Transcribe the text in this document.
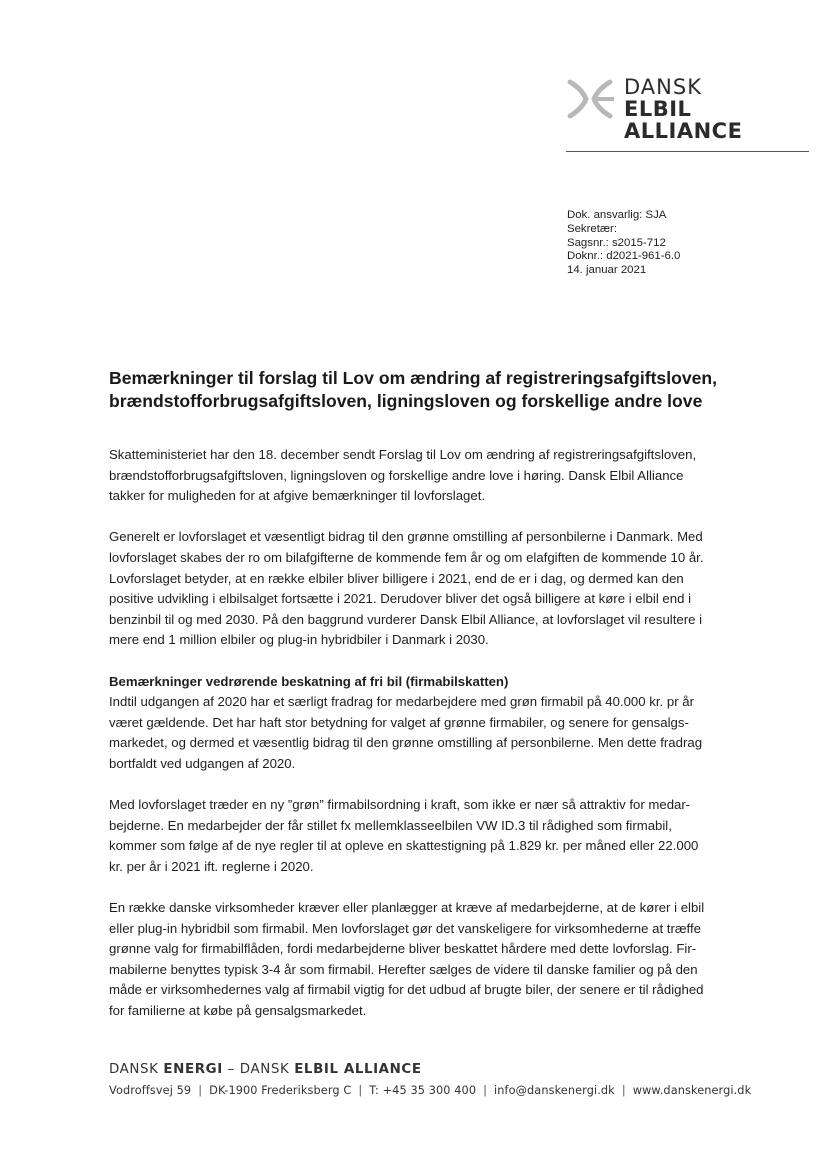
DANSK
ELBIL ALLIANCE
Dok. ansvarlig: SJA
Sekretær:
Sagsnr.: s2015-712
Doknr.: d2021-961-6.0
14. januar 2021
Bemærkninger til forslag til Lov om ændring af registreringsafgiftsloven,
brændstofforbrugsafgiftsloven, ligningsloven og forskellige andre love

Skatteministeriet har den 18. december sendt Forslag til Lov om ændring af registreringsafgiftsloven,
brændstofforbrugsafgiftsloven, ligningsloven og forskellige andre love i høring. Dansk Elbil Alliance
takker for muligheden for at afgive bemærkninger til lovforslaget.

Generelt er lovforslaget et væsentligt bidrag til den grønne omstilling af personbilerne i Danmark. Med
lovforslaget skabes der ro om bilafgifterne de kommende fem år og om elafgiften de kommende 10 år.
Lovforslaget betyder, at en række elbiler bliver billigere i 2021, end de er i dag, og dermed kan den
positive udvikling i elbilsalget fortsætte i 2021. Derudover bliver det også billigere at køre i elbil end i
benzinbil til og med 2030. På den baggrund vurderer Dansk Elbil Alliance, at lovforslaget vil resultere i
mere end 1 million elbiler og plug-in hybridbiler i Danmark i 2030.

Bemærkninger vedrørende beskatning af fri bil (firmabilskatten)
Indtil udgangen af 2020 har et særligt fradrag for medarbejdere med grøn firmabil på 40.000 kr. pr år
været gældende. Det har haft stor betydning for valget af grønne firmabiler, og senere for gensalgs-
markedet, og dermed et væsentlig bidrag til den grønne omstilling af personbilerne. Men dette fradrag
bortfaldt ved udgangen af 2020.

Med lovforslaget træder en ny ”grøn” firmabilsordning i kraft, som ikke er nær så attraktiv for medar-
bejderne. En medarbejder der får stillet fx mellemklasseelbilen VW ID.3 til rådighed som firmabil,
kommer som følge af de nye regler til at opleve en skattestigning på 1.829 kr. per måned eller 22.000
kr. per år i 2021 ift. reglerne i 2020.

En række danske virksomheder kræver eller planlægger at kræve af medarbejderne, at de kører i elbil
eller plug-in hybridbil som firmabil. Men lovforslaget gør det vanskeligere for virksomhederne at træffe
grønne valg for firmabilflåden, fordi medarbejderne bliver beskattet hårdere med dette lovforslag. Fir-
mabilerne benyttes typisk 3-4 år som firmabil. Herefter sælges de videre til danske familier og på den
måde er virksomhedernes valg af firmabil vigtig for det udbud af brugte biler, der senere er til rådighed
for familierne at købe på gensalgsmarkedet.

DANSK ENERGI – DANSK ELBIL ALLIANCE
Vodroffsvej 59 | DK-1900 Frederiksberg C | T: +45 35 300 400 | info@danskenergi.dk | www.danskenergi.dk
